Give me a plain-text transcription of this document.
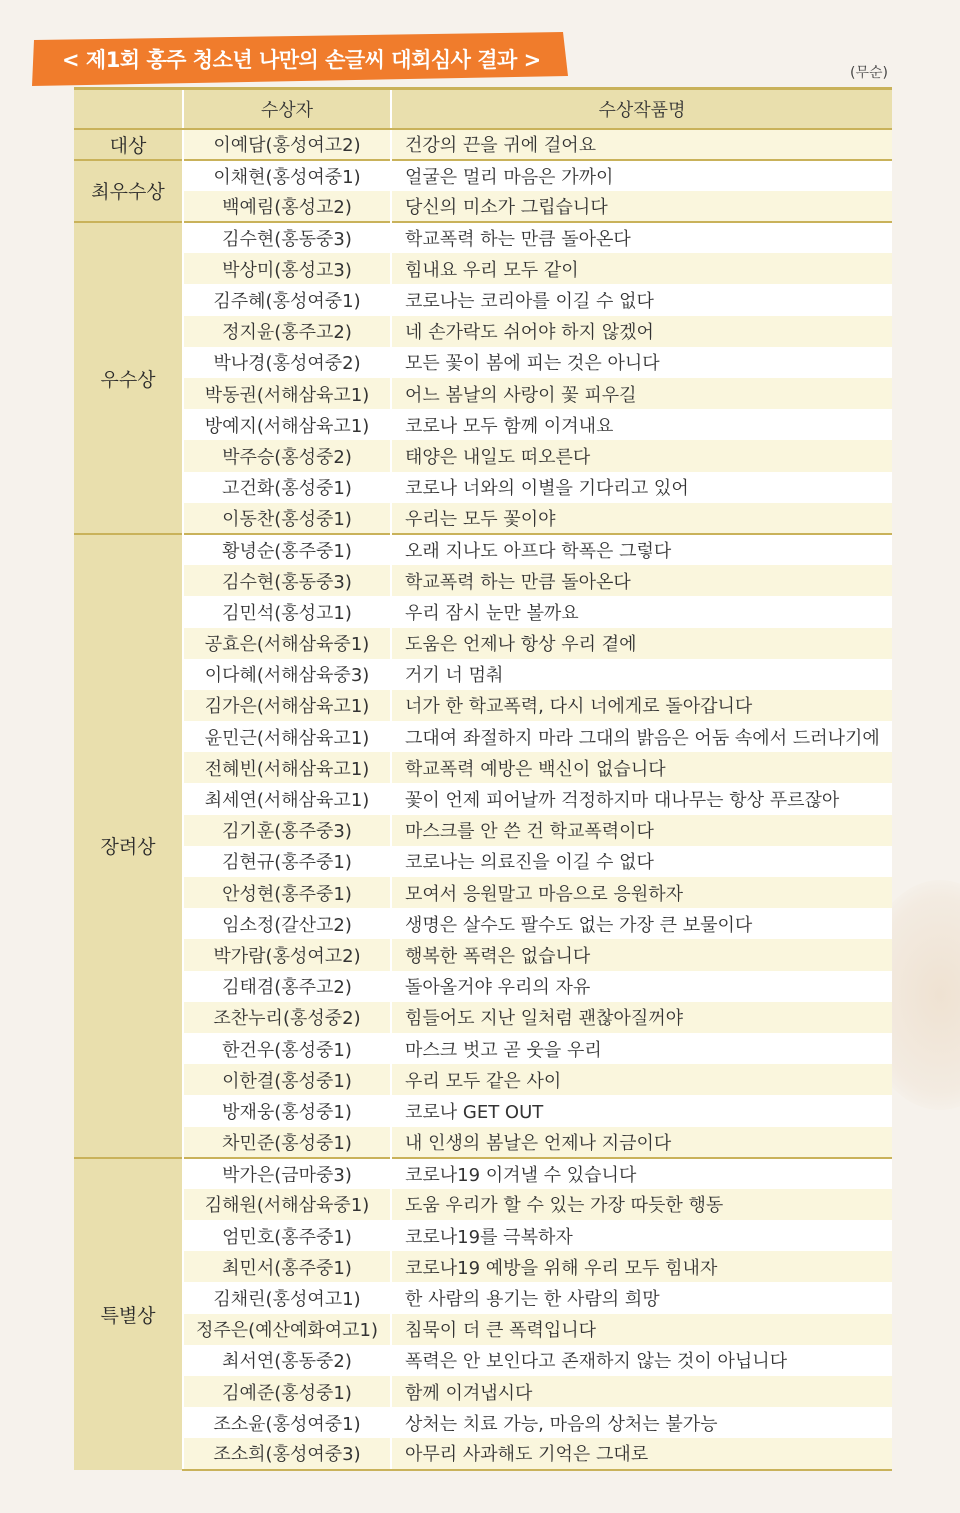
< 제1회 홍주 청소년 나만의 손글씨 대회심사 결과 >
(무순)
	수상자	수상작품명
대상	이예담(홍성여고2)	건강의 끈을 귀에 걸어요
최우수상	이채현(홍성여중1)	얼굴은 멀리 마음은 가까이
	백예림(홍성고2)	당신의 미소가 그립습니다
우수상	김수현(홍동중3)	학교폭력 하는 만큼 돌아온다
	박상미(홍성고3)	힘내요 우리 모두 같이
	김주혜(홍성여중1)	코로나는 코리아를 이길 수 없다
	정지윤(홍주고2)	네 손가락도 쉬어야 하지 않겠어
	박나경(홍성여중2)	모든 꽃이 봄에 피는 것은 아니다
	박동권(서해삼육고1)	어느 봄날의 사랑이 꽃 피우길
	방예지(서해삼육고1)	코로나 모두 함께 이겨내요
	박주승(홍성중2)	태양은 내일도 떠오른다
	고건화(홍성중1)	코로나 너와의 이별을 기다리고 있어
	이동찬(홍성중1)	우리는 모두 꽃이야
장려상	황녕순(홍주중1)	오래 지나도 아프다 학폭은 그렇다
	김수현(홍동중3)	학교폭력 하는 만큼 돌아온다
	김민석(홍성고1)	우리 잠시 눈만 볼까요
	공효은(서해삼육중1)	도움은 언제나 항상 우리 곁에
	이다혜(서해삼육중3)	거기 너 멈춰
	김가은(서해삼육고1)	너가 한 학교폭력, 다시 너에게로 돌아갑니다
	윤민근(서해삼육고1)	그대여 좌절하지 마라 그대의 밝음은 어둠 속에서 드러나기에
	전혜빈(서해삼육고1)	학교폭력 예방은 백신이 없습니다
	최세연(서해삼육고1)	꽃이 언제 피어날까 걱정하지마 대나무는 항상 푸르잖아
	김기훈(홍주중3)	마스크를 안 쓴 건 학교폭력이다
	김현규(홍주중1)	코로나는 의료진을 이길 수 없다
	안성현(홍주중1)	모여서 응원말고 마음으로 응원하자
	임소정(갈산고2)	생명은 살수도 팔수도 없는 가장 큰 보물이다
	박가람(홍성여고2)	행복한 폭력은 없습니다
	김태겸(홍주고2)	돌아올거야 우리의 자유
	조찬누리(홍성중2)	힘들어도 지난 일처럼 괜찮아질꺼야
	한건우(홍성중1)	마스크 벗고 곧 웃을 우리
	이한결(홍성중1)	우리 모두 같은 사이
	방재웅(홍성중1)	코로나 GET OUT
	차민준(홍성중1)	내 인생의 봄날은 언제나 지금이다
특별상	박가은(금마중3)	코로나19 이겨낼 수 있습니다
	김해원(서해삼육중1)	도움 우리가 할 수 있는 가장 따듯한 행동
	엄민호(홍주중1)	코로나19를 극복하자
	최민서(홍주중1)	코로나19 예방을 위해 우리 모두 힘내자
	김채린(홍성여고1)	한 사람의 용기는 한 사람의 희망
	정주은(예산예화여고1)	침묵이 더 큰 폭력입니다
	최서연(홍동중2)	폭력은 안 보인다고 존재하지 않는 것이 아닙니다
	김예준(홍성중1)	함께 이겨냅시다
	조소윤(홍성여중1)	상처는 치료 가능, 마음의 상처는 불가능
	조소희(홍성여중3)	아무리 사과해도 기억은 그대로
